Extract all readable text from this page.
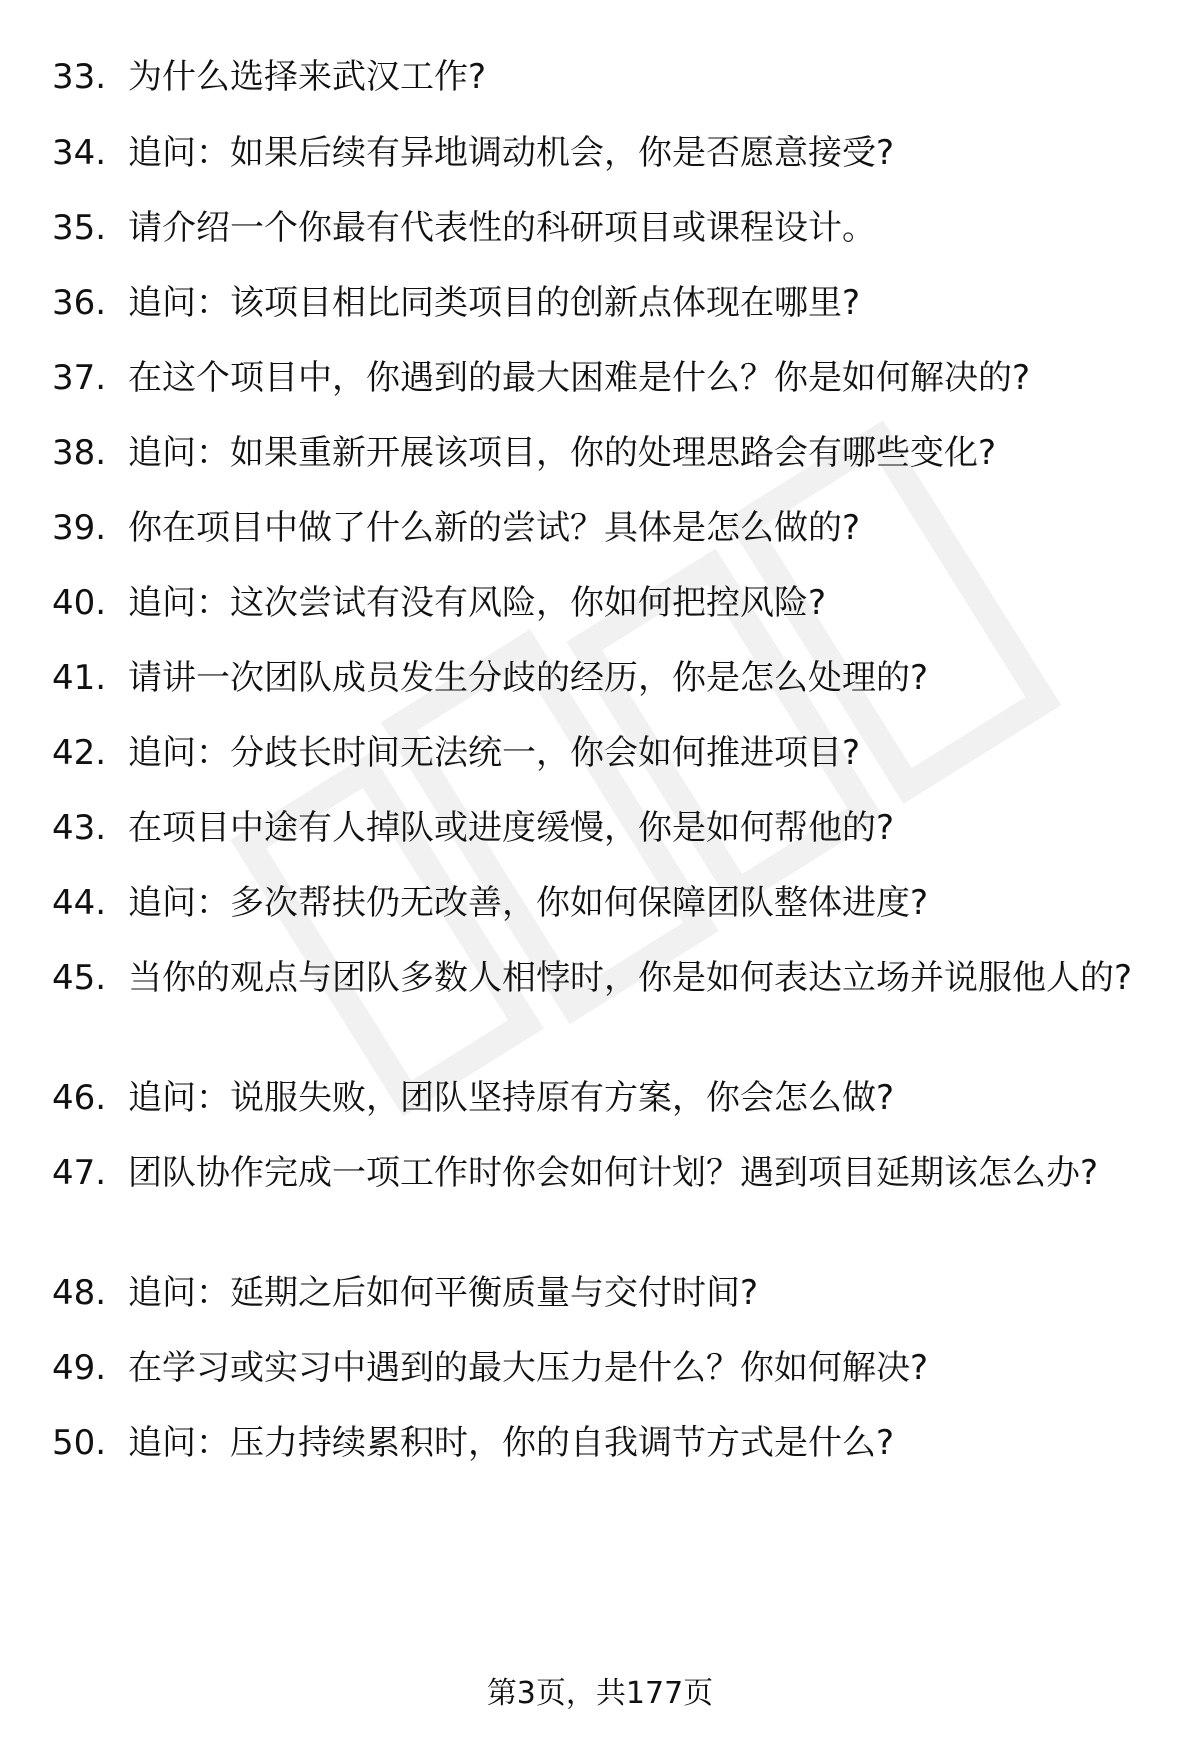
33. 为什么选择来武汉工作?
34. 追问：如果后续有异地调动机会，你是否愿意接受?
35. 请介绍一个你最有代表性的科研项目或课程设计。
36. 追问：该项目相比同类项目的创新点体现在哪里?
37. 在这个项目中，你遇到的最大困难是什么？你是如何解决的?
38. 追问：如果重新开展该项目，你的处理思路会有哪些变化?
39. 你在项目中做了什么新的尝试？具体是怎么做的?
40. 追问：这次尝试有没有风险，你如何把控风险?
41. 请讲一次团队成员发生分歧的经历，你是怎么处理的?
42. 追问：分歧长时间无法统一，你会如何推进项目?
43. 在项目中途有人掉队或进度缓慢，你是如何帮他的?
44. 追问：多次帮扶仍无改善，你如何保障团队整体进度?
45. 当你的观点与团队多数人相悖时，你是如何表达立场并说服他人的?
46. 追问：说服失败，团队坚持原有方案，你会怎么做?
47. 团队协作完成一项工作时你会如何计划？遇到项目延期该怎么办?
48. 追问：延期之后如何平衡质量与交付时间?
49. 在学习或实习中遇到的最大压力是什么？你如何解决?
50. 追问：压力持续累积时，你的自我调节方式是什么?
第3页，共177页
